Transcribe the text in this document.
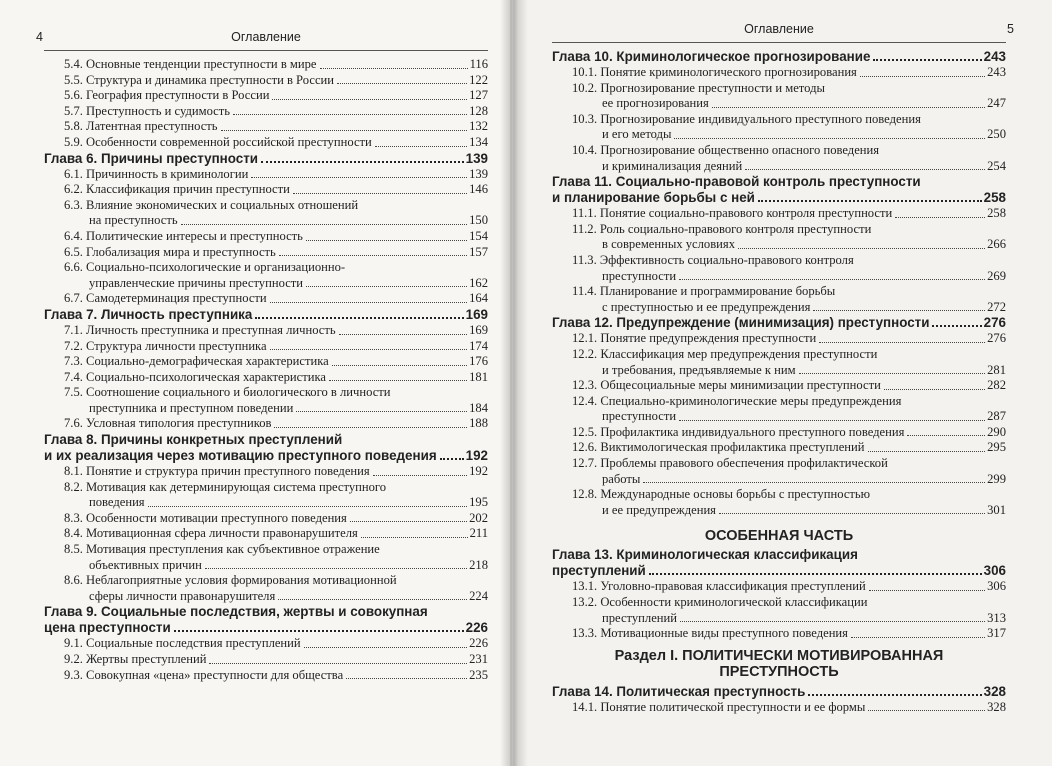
4	Оглавление
5.4. Основные тенденции преступности в мире	116
5.5. Структура и динамика преступности в России	122
5.6. География преступности в России	127
5.7. Преступность и судимость	128
5.8. Латентная преступность	132
5.9. Особенности современной российской преступности	134
Глава 6. Причины преступности	139
6.1. Причинность в криминологии	139
6.2. Классификация причин преступности	146
6.3. Влияние экономических и социальных отношений
на преступность	150
6.4. Политические интересы и преступность	154
6.5. Глобализация мира и преступность	157
6.6. Социально-психологические и организационно-
управленческие причины преступности	162
6.7. Самодетерминация преступности	164
Глава 7. Личность преступника	169
7.1. Личность преступника и преступная личность	169
7.2. Структура личности преступника	174
7.3. Социально-демографическая характеристика	176
7.4. Социально-психологическая характеристика	181
7.5. Соотношение социального и биологического в личности
преступника и преступном поведении	184
7.6. Условная типология преступников	188
Глава 8. Причины конкретных преступлений
и их реализация через мотивацию преступного поведения 192
8.1. Понятие и структура причин преступного поведения	192
8.2. Мотивация как детерминирующая система преступного
поведения	195
8.3. Особенности мотивации преступного поведения	202
8.4. Мотивационная сфера личности правонарушителя	211
8.5. Мотивация преступления как субъективное отражение
объективных причин	218
8.6. Неблагоприятные условия формирования мотивационной
сферы личности правонарушителя	224
Глава 9. Социальные последствия, жертвы и совокупная
цена преступности	226
9.1. Социальные последствия преступлений	226
9.2. Жертвы преступлений	231
9.3. Совокупная «цена» преступности для общества	235
Оглавление	5
Глава 10. Криминологическое прогнозирование	243
10.1. Понятие криминологического прогнозирования	243
10.2. Прогнозирование преступности и методы
ее прогнозирования	247
10.3. Прогнозирование индивидуального преступного поведения
и его методы	250
10.4. Прогнозирование общественно опасного поведения
и криминализация деяний	254
Глава 11. Социально-правовой контроль преступности
и планирование борьбы с ней	258
11.1. Понятие социально-правового контроля преступности	258
11.2. Роль социально-правового контроля преступности
в современных условиях	266
11.3. Эффективность социально-правового контроля
преступности	269
11.4. Планирование и программирование борьбы
с преступностью и ее предупреждения	272
Глава 12. Предупреждение (минимизация) преступности	276
12.1. Понятие предупреждения преступности	276
12.2. Классификация мер предупреждения преступности
и требования, предъявляемые к ним	281
12.3. Общесоциальные меры минимизации преступности	282
12.4. Специально-криминологические меры предупреждения
преступности	287
12.5. Профилактика индивидуального преступного поведения	290
12.6. Виктимологическая профилактика преступлений	295
12.7. Проблемы правового обеспечения профилактической
работы	299
12.8. Международные основы борьбы с преступностью
и ее предупреждения	301
ОСОБЕННАЯ ЧАСТЬ
Глава 13. Криминологическая классификация
преступлений	306
13.1. Уголовно-правовая классификация преступлений	306
13.2. Особенности криминологической классификации
преступлений	313
13.3. Мотивационные виды преступного поведения	317
Раздел I. ПОЛИТИЧЕСКИ МОТИВИРОВАННАЯ
ПРЕСТУПНОСТЬ
Глава 14. Политическая преступность	328
14.1. Понятие политической преступности и ее формы	328
